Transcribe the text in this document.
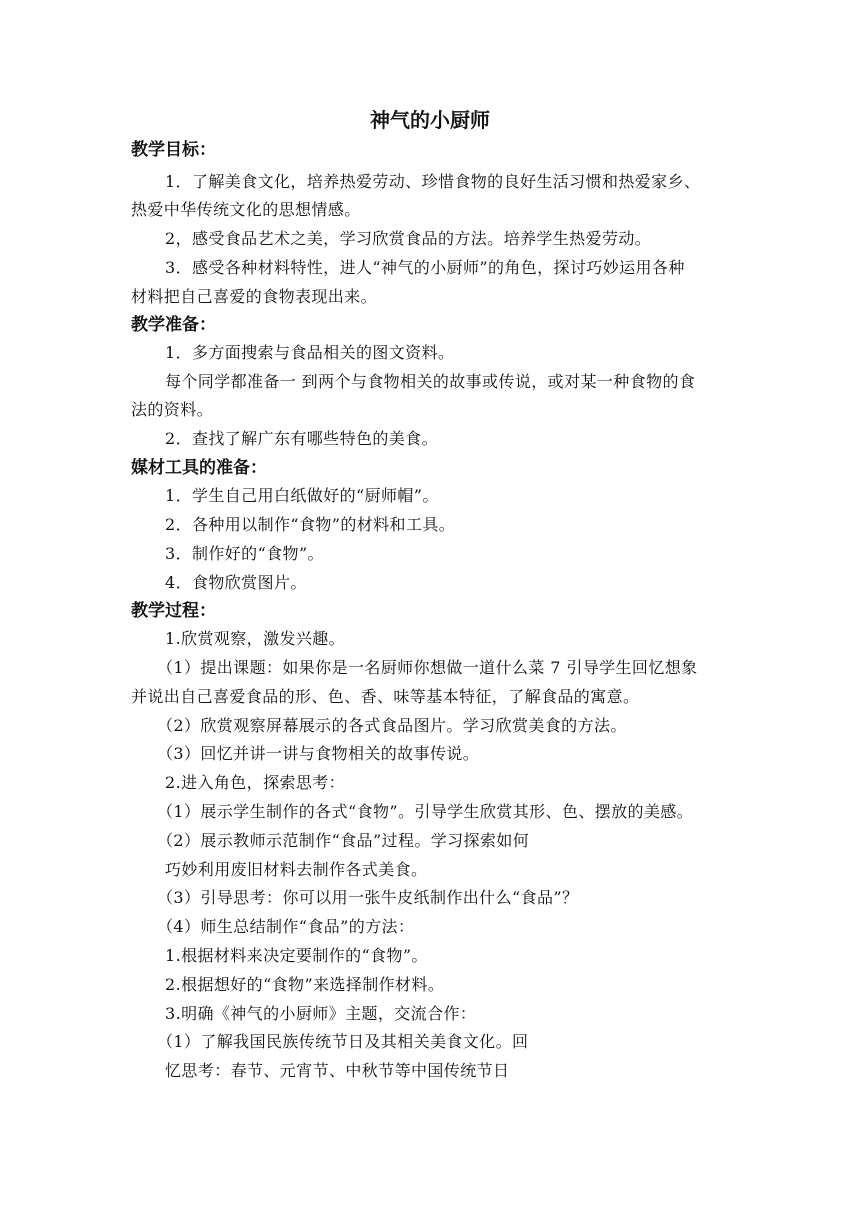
神气的小厨师
教学目标：
1．了解美食文化，培养热爱劳动、珍惜食物的良好生活习惯和热爱家乡、
热爱中华传统文化的思想情感。
2，感受食品艺术之美，学习欣赏食品的方法。培养学生热爱劳动。
3．感受各种材料特性，进人“神气的小厨师”的角色，探讨巧妙运用各种
材料把自己喜爱的食物表现出来。
教学准备：
1．多方面搜索与食品相关的图文资料。
每个同学都准备一 到两个与食物相关的故事或传说，或对某一种食物的食
法的资料。
2．查找了解广东有哪些特色的美食。
媒材工具的准备：
1．学生自己用白纸做好的“厨师帽”。
2．各种用以制作“食物”的材料和工具。
3．制作好的“食物”。
4．食物欣赏图片。
教学过程：
1.欣赏观察，激发兴趣。
（1）提出课题：如果你是一名厨师你想做一道什么菜 7 引导学生回忆想象
并说出自己喜爱食品的形、色、香、味等基本特征，了解食品的寓意。
（2）欣赏观察屏幕展示的各式食品图片。学习欣赏美食的方法。
（3）回忆并讲一讲与食物相关的故事传说。
2.进入角色，探索思考：
（1）展示学生制作的各式“食物”。引导学生欣赏其形、色、摆放的美感。
（2）展示教师示范制作“食品”过程。学习探索如何
巧妙利用废旧材料去制作各式美食。
（3）引导思考：你可以用一张牛皮纸制作出什么“食品”？
（4）师生总结制作“食品”的方法：
1.根据材料来决定要制作的“食物”。
2.根据想好的“食物”来选择制作材料。
3.明确《神气的小厨师》主题，交流合作：
（1）了解我国民族传统节日及其相关美食文化。回
忆思考：春节、元宵节、中秋节等中国传统节日
